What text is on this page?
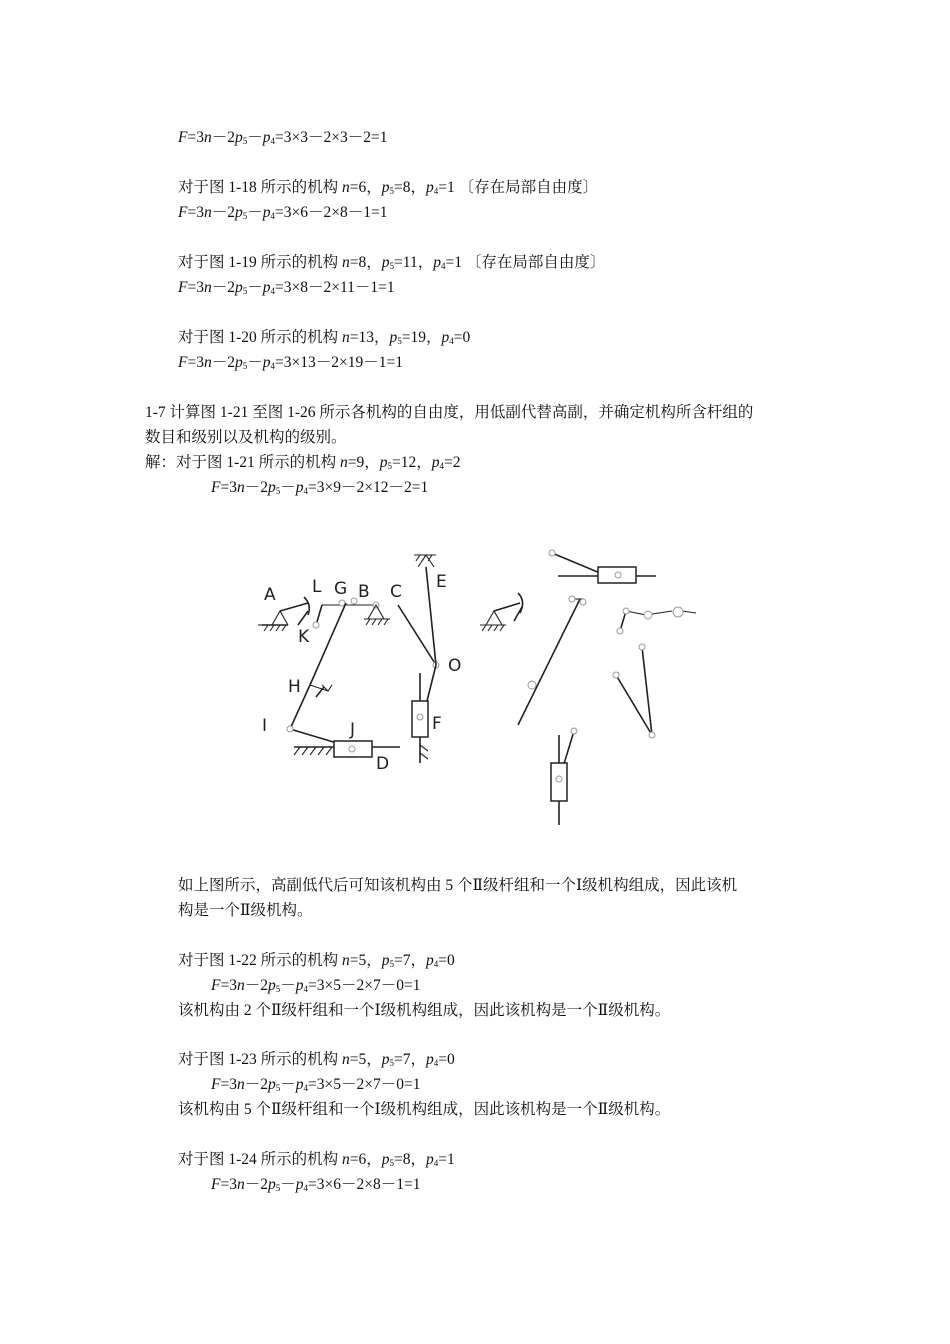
$F=3n-2p_5-p_4=3\times 3-2\times 3-2=1$
对于图 1-18 所示的机构 n=6，$p_5=8$，$p_4=1$ 〔存在局部自由度〕
$F=3n-2p_5-p_4=3\times 6-2\times 8-1=1$
对于图 1-19 所示的机构 n=8，$p_5=11$，$p_4=1$ 〔存在局部自由度〕
$F=3n-2p_5-p_4=3\times 8-2\times 11-1=1$
对于图 1-20 所示的机构 n=13，$p_5=19$，$p_4=0$
$F=3n-2p_5-p_4=3\times 13-2\times 19-1=1$
1-7 计算图 1-21 至图 1-26 所示各机构的自由度，用低副代替高副，并确定机构所含杆组的
数目和级别以及机构的级别。
解：对于图 1-21 所示的机构 n=9，$p_5=12$，$p_4=2$
$F=3n-2p_5-p_4=3\times 9-2\times 12-2=1$
A
K
L G B
H
I	J
D
C
O
E
F
如上图所示，高副低代后可知该机构由 5 个Ⅱ级杆组和一个Ⅰ级机构组成，因此该机
构是一个Ⅱ级机构。
对于图 1-22 所示的机构 n=5，$p_5=7$，$p_4=0$
$F=3n-2p_5-p_4=3\times 5-2\times 7-0=1$
该机构由 2 个Ⅱ级杆组和一个Ⅰ级机构组成，因此该机构是一个Ⅱ级机构。
对于图 1-23 所示的机构 n=5，$p_5=7$，$p_4=0$
$F=3n-2p_5-p_4=3\times 5-2\times 7-0=1$
该机构由 5 个Ⅱ级杆组和一个Ⅰ级机构组成，因此该机构是一个Ⅱ级机构。
对于图 1-24 所示的机构 n=6，$p_5=8$，$p_4=1$
$F=3n-2p_5-p_4=3\times 6-2\times 8-1=1$
